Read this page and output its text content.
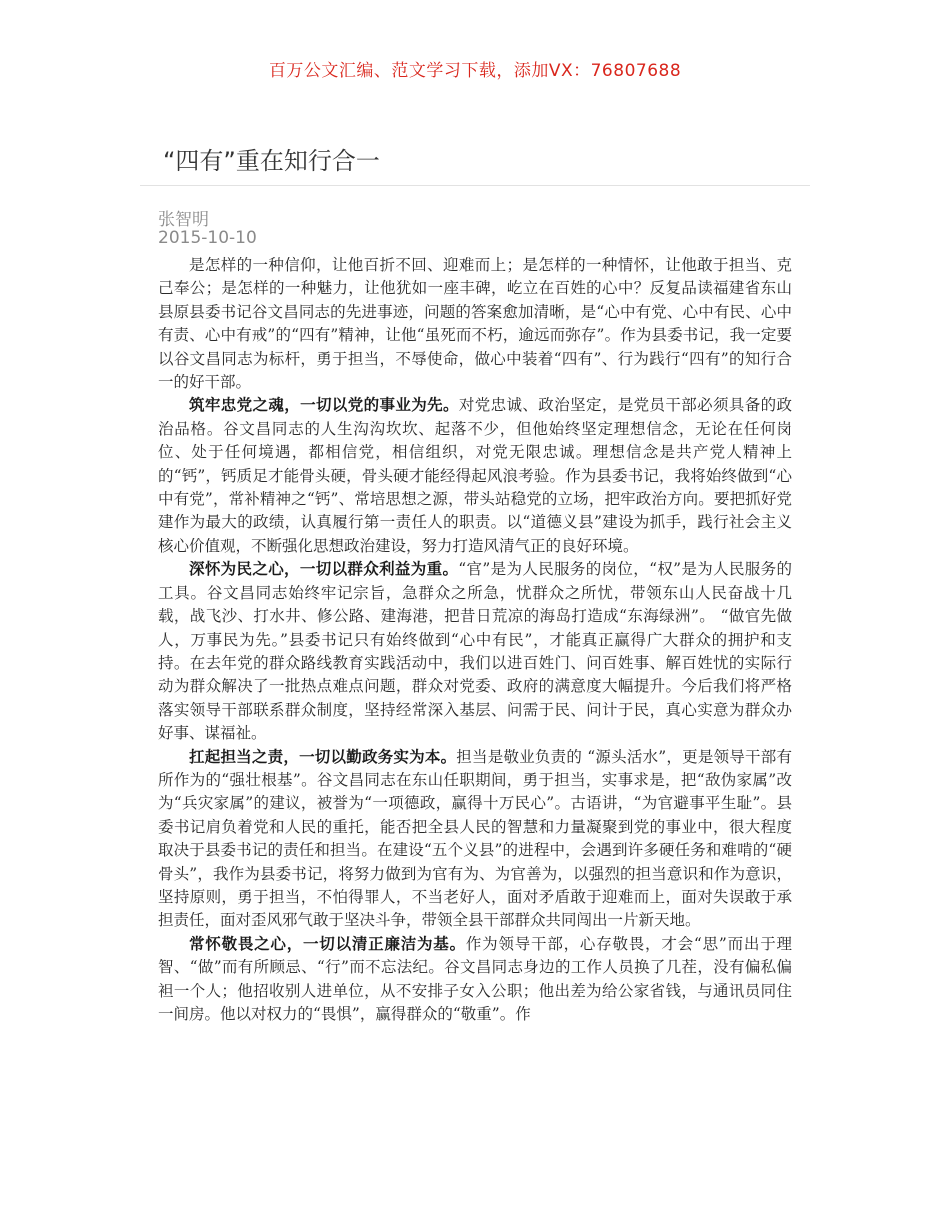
百万公文汇编、范文学习下载，添加VX：76807688
“四有”重在知行合一
张智明
2015-10-10

是怎样的一种信仰，让他百折不回、迎难而上；是怎样的一种情怀，让他敢于担当、克己奉公；是怎样的一种魅力，让他犹如一座丰碑，屹立在百姓的心中？反复品读福建省东山县原县委书记谷文昌同志的先进事迹，问题的答案愈加清晰，是“心中有党、心中有民、心中有责、心中有戒”的“四有”精神，让他“虽死而不朽，逾远而弥存”。作为县委书记，我一定要以谷文昌同志为标杆，勇于担当，不辱使命，做心中装着“四有”、行为践行“四有”的知行合一的好干部。

筑牢忠党之魂，一切以党的事业为先。对党忠诚、政治坚定，是党员干部必须具备的政治品格。谷文昌同志的人生沟沟坎坎、起落不少，但他始终坚定理想信念，无论在任何岗位、处于任何境遇，都相信党，相信组织，对党无限忠诚。理想信念是共产党人精神上的“钙”，钙质足才能骨头硬，骨头硬才能经得起风浪考验。作为县委书记，我将始终做到“心中有党”，常补精神之“钙”、常培思想之源，带头站稳党的立场，把牢政治方向。要把抓好党建作为最大的政绩，认真履行第一责任人的职责。以“道德义县”建设为抓手，践行社会主义核心价值观，不断强化思想政治建设，努力打造风清气正的良好环境。

深怀为民之心，一切以群众利益为重。“官”是为人民服务的岗位，“权”是为人民服务的工具。谷文昌同志始终牢记宗旨，急群众之所急，忧群众之所忧，带领东山人民奋战十几载，战飞沙、打水井、修公路、建海港，把昔日荒凉的海岛打造成“东海绿洲”。 “做官先做人，万事民为先。”县委书记只有始终做到“心中有民”，才能真正赢得广大群众的拥护和支持。在去年党的群众路线教育实践活动中，我们以进百姓门、问百姓事、解百姓忧的实际行动为群众解决了一批热点难点问题，群众对党委、政府的满意度大幅提升。今后我们将严格落实领导干部联系群众制度，坚持经常深入基层、问需于民、问计于民，真心实意为群众办好事、谋福祉。

扛起担当之责，一切以勤政务实为本。担当是敬业负责的 “源头活水”，更是领导干部有所作为的“强壮根基”。谷文昌同志在东山任职期间，勇于担当，实事求是，把“敌伪家属”改为“兵灾家属”的建议，被誉为“一项德政，赢得十万民心”。古语讲，“为官避事平生耻”。县委书记肩负着党和人民的重托，能否把全县人民的智慧和力量凝聚到党的事业中，很大程度取决于县委书记的责任和担当。在建设“五个义县”的进程中，会遇到许多硬任务和难啃的“硬骨头”，我作为县委书记，将努力做到为官有为、为官善为，以强烈的担当意识和作为意识，坚持原则，勇于担当，不怕得罪人，不当老好人，面对矛盾敢于迎难而上，面对失误敢于承担责任，面对歪风邪气敢于坚决斗争，带领全县干部群众共同闯出一片新天地。

常怀敬畏之心，一切以清正廉洁为基。作为领导干部，心存敬畏，才会“思”而出于理智、“做”而有所顾忌、“行”而不忘法纪。谷文昌同志身边的工作人员换了几茬，没有偏私偏袒一个人；他招收别人进单位，从不安排子女入公职；他出差为给公家省钱，与通讯员同住一间房。他以对权力的“畏惧”，赢得群众的“敬重”。作
